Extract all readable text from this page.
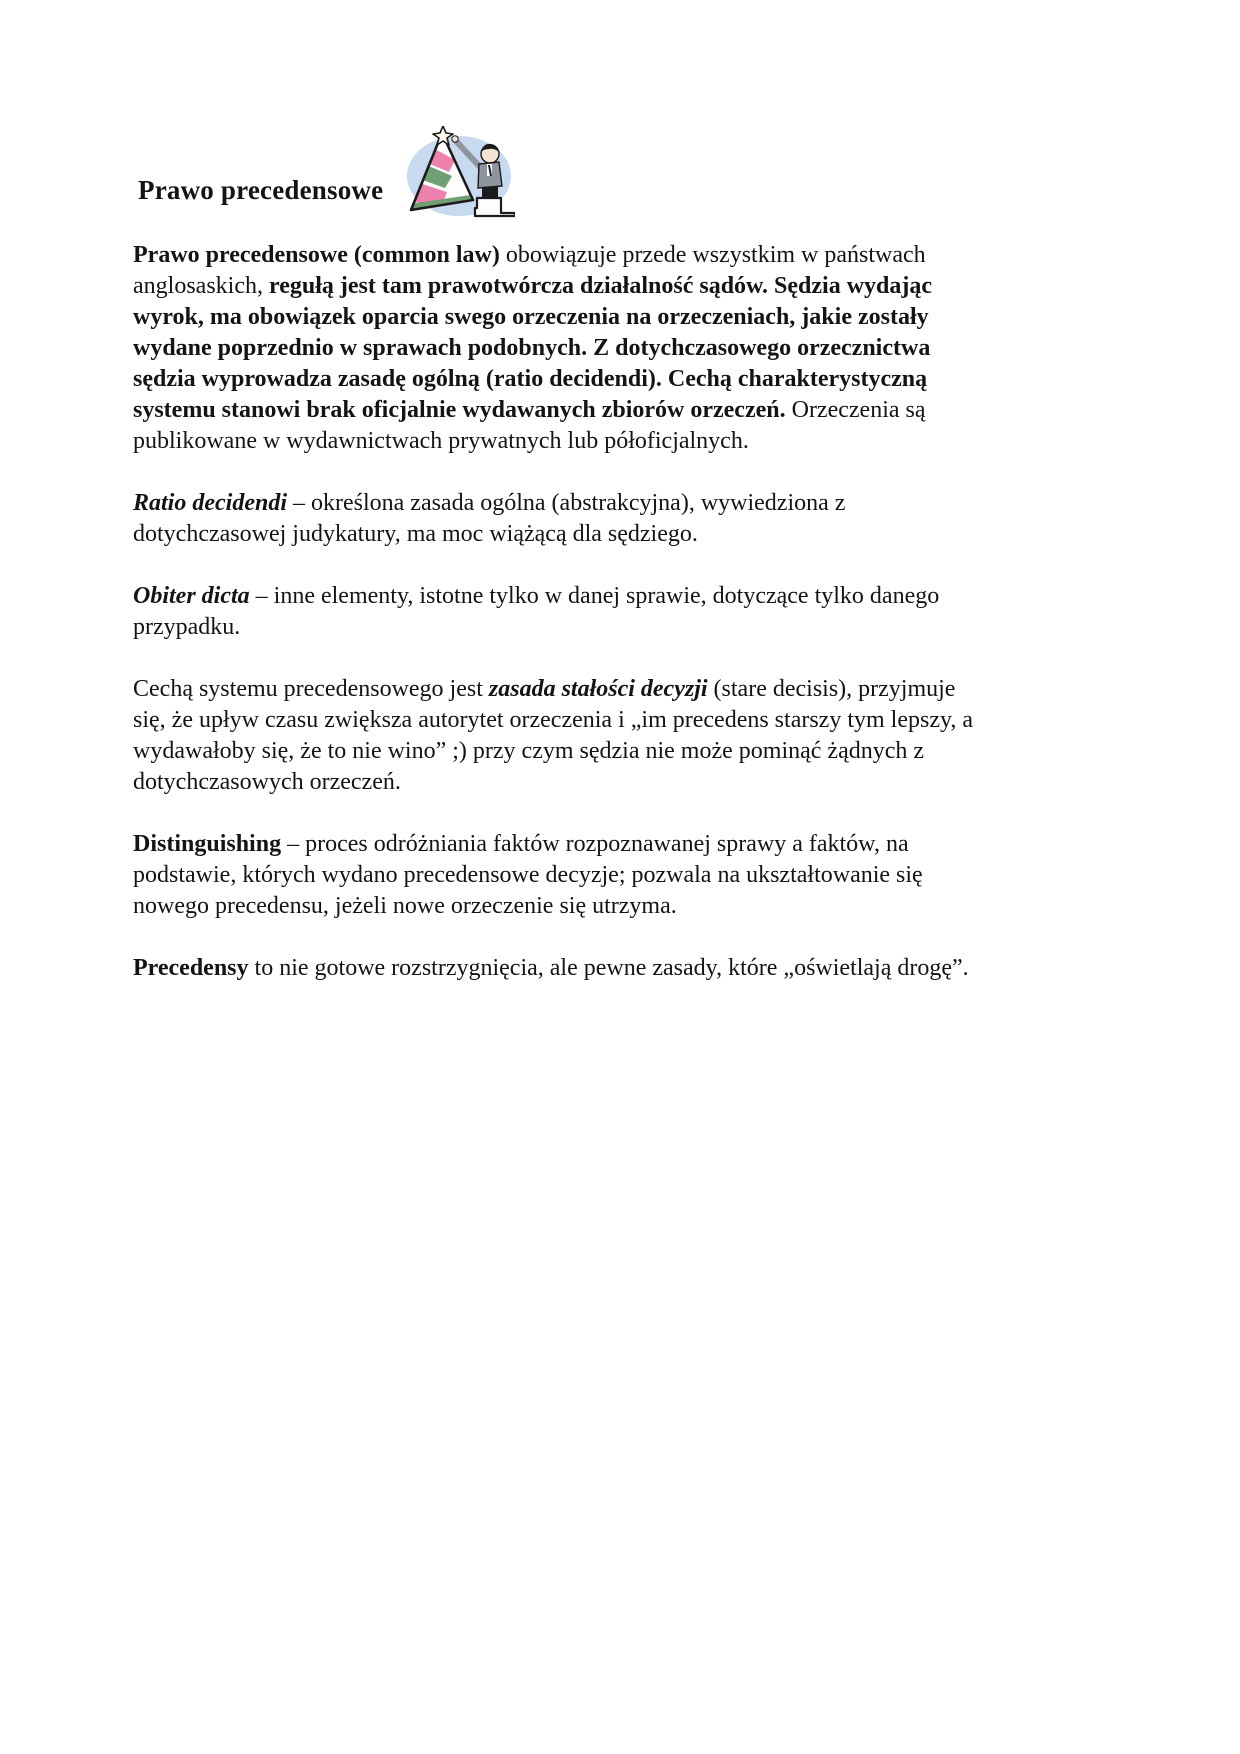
Prawo precedensowe

Prawo precedensowe (common law) obowiązuje przede wszystkim w państwach anglosaskich, regułą jest tam prawotwórcza działalność sądów. Sędzia wydając wyrok, ma obowiązek oparcia swego orzeczenia na orzeczeniach, jakie zostały wydane poprzednio w sprawach podobnych. Z dotychczasowego orzecznictwa sędzia wyprowadza zasadę ogólną (ratio decidendi). Cechą charakterystyczną systemu stanowi brak oficjalnie wydawanych zbiorów orzeczeń. Orzeczenia są publikowane w wydawnictwach prywatnych lub półoficjalnych.

Ratio decidendi – określona zasada ogólna (abstrakcyjna), wywiedziona z dotychczasowej judykatury, ma moc wiążącą dla sędziego.

Obiter dicta – inne elementy, istotne tylko w danej sprawie, dotyczące tylko danego przypadku.

Cechą systemu precedensowego jest zasada stałości decyzji (stare decisis), przyjmuje się, że upływ czasu zwiększa autorytet orzeczenia i „im precedens starszy tym lepszy, a wydawałoby się, że to nie wino” ;) przy czym sędzia nie może pominąć żądnych z dotychczasowych orzeczeń.

Distinguishing – proces odróżniania faktów rozpoznawanej sprawy a faktów, na podstawie, których wydano precedensowe decyzje; pozwala na ukształtowanie się nowego precedensu, jeżeli nowe orzeczenie się utrzyma.

Precedensy to nie gotowe rozstrzygnięcia, ale pewne zasady, które „oświetlają drogę”.
